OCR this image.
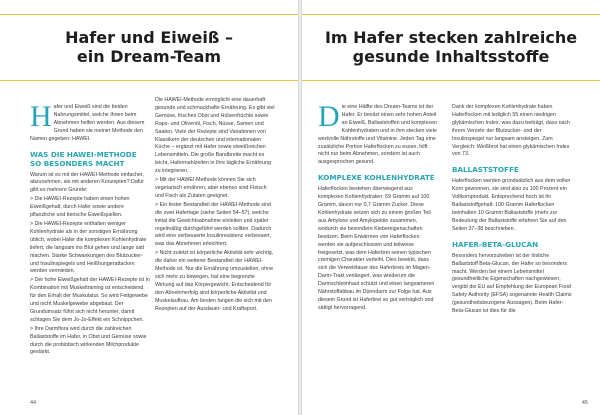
Hafer und Eiweiß –
ein Dream-Team

Hafer und Eiweiß sind die beiden Nahrungsmittel, welche Ihnen beim Abnehmen helfen werden. Aus diesem Grund haben sie meiner Methode den Namen gegeben: HAWEI.

WAS DIE HAWEI-METHODE SO BESONDERS MACHT

Warum ist es mit der HAWEI-Methode einfacher, abzunehmen, als mit anderen Konzepten? Dafür gibt es mehrere Gründe:

> Die HAWEI-Rezepte haben einen hohen Eiweißgehalt, durch Hafer sowie andere pflanzliche und tierische Eiweißquellen.

> Die HAWEI-Rezepte enthalten weniger Kohlenhydrate als in der sonstigen Ernährung üblich, wobei Hafer die komplexen Kohlenhydrate liefert, die langsam ins Blut gehen und lange satt machen. Starke Schwankungen des Blutzucker- und Insulinspiegels und Heißhungerattacken werden vermieden.

> Der hohe Eiweißgehalt der HAWEI-Rezepte ist in Kombination mit Muskeltraining ist entscheidend für den Erhalt der Muskulatur. So wird Fettgewebe und nicht Muskelgewebe abgebaut. Der Grundumsatz führt sich nicht herunter, damit schlagen Sie dem Jo-Jo-Effekt ein Schnippchen.

> Ihre Darmflora wird durch die zahlreichen Ballaststoffe im Hafer, in Obst und Gemüse sowie durch die probiotisch wirkenden Milchprodukte gestärkt.

Die HAWEI-Methode ermöglicht eine dauerhaft gesunde und schmackhafte Ernährung. Es gibt viel Gemüse, frisches Obst und Hülsenfrüchte sowie Raps- und Olivenöl, Fisch, Nüsse, Samen und Saaten. Viele der Rezepte sind Variationen von Klassikern der deutschen und internationalen Küche – ergänzt mit Hafer sowie eiweißreichen Lebensmitteln. Die große Bandbreite macht es leicht, Hafermahlzeiten in Ihre tägliche Ernährung zu integrieren.

> Mit der HAWEI-Methode können Sie sich vegetarisch ernähren, aber ebenso sind Fleisch und Fisch als Zutaten geeignet.

> Ein fester Bestandteil der HAWEI-Methode sind die zwei Hafertage (siehe Seiten 54–57), welche initial die Gewichtsabnahme einleiten und später regelmäßig durchgeführt werden sollten. Dadurch wird eine verbesserte Insulinresistenz verbessert, was das Abnehmen erleichtert.

> Nicht zuletzt ist körperliche Aktivität sehr wichtig, die daher ein weiterer Bestandteil der HAWEI-Methode ist. Nur die Ernährung umzustellen, ohne sich mehr zu bewegen, hat eine begrenzte Wirkung auf das Körpergewicht. Entscheidend für den Abnehmerfolg sind körperliche Aktivität und Muskelaufbau. Am besten fangen die sich mit den Rezepten auf der Ausdauer- und Kraftsport.

44
Im Hafer stecken zahlreiche
gesunde Inhaltsstoffe

Die eine Hälfte des Dream-Teams ist der Hafer. Er besitzt einen sehr hohen Anteil an Eiweiß, Ballaststoffen und komplexen Kohlenhydraten und in ihm stecken viele wertvolle Nährstoffe und Vitamine. Jeden Tag eine zusätzliche Portion Haferflocken zu essen, hilft nicht nur beim Abnehmen, sondern ist auch ausgesprochen gesund.

KOMPLEXE KOHLENHYDRATE

Haferflocken bestehen überwiegend aus komplexen Kohlenhydraten: 59 Gramm auf 100 Gramm, davon nur 0,7 Gramm Zucker. Diese Kohlenhydrate setzen sich zu einem großen Teil aus Amylose und Amylopektin zusammen, wodurch sie besondere Klebereigenschaften besitzen. Beim Erwärmen von Haferflocken werden sie aufgeschlossen und teilweise freigesetzt, was dem Haferbrei seinen typischen cremigen Charakter verleiht. Dies bewirkt, dass sich die Verweildauer des Haferbreis im Magen-Darm-Trakt verlängert, was wiederum die Darmschleimhaut schützt und einen langsameren Nährstoffabbau im Dünndarm zur Folge hat. Aus diesem Grund ist Haferbrei so gut verträglich und sättigt hervorragend.

Dank der komplexen Kohlenhydrate haben Haferflocken mit lediglich 55 einen niedrigen glykämischen Index, was dazu beiträgt, dass nach ihrem Verzehr der Blutzucker- und der Insulinspiegel nur langsam ansteigen. Zum Vergleich: Weißbrot hat einen glykämischen Index von 73.

BALLASTSTOFFE

Haferflocken werden grundsätzlich aus dem vollen Korn gewonnen, sie sind also zu 100 Prozent ein Vollkornprodukt. Entsprechend hoch ist ihr Ballaststoffgehalt: 100 Gramm Haferflocken beinhalten 10 Gramm Ballaststoffe (mehr zur Bedeutung der Ballaststoffe erfahren Sie auf den Seiten 37–38 beschrieben.

HAFER-BETA-GLUCAN

Besonders hervorzuheben ist der lösliche Ballaststoff Beta-Glucan, der Hafer so besonders macht. Werden bei einem Lebensmittel gesundheitliche Eigenschaften nachgewiesen, vergibt die EU auf Empfehlung der European Food Safety Authority (EFSA) sogenannte Health Claims (gesundheitsbezogene Aussagen). Beim Hafer-Beta-Glucan ist dies für die

45
